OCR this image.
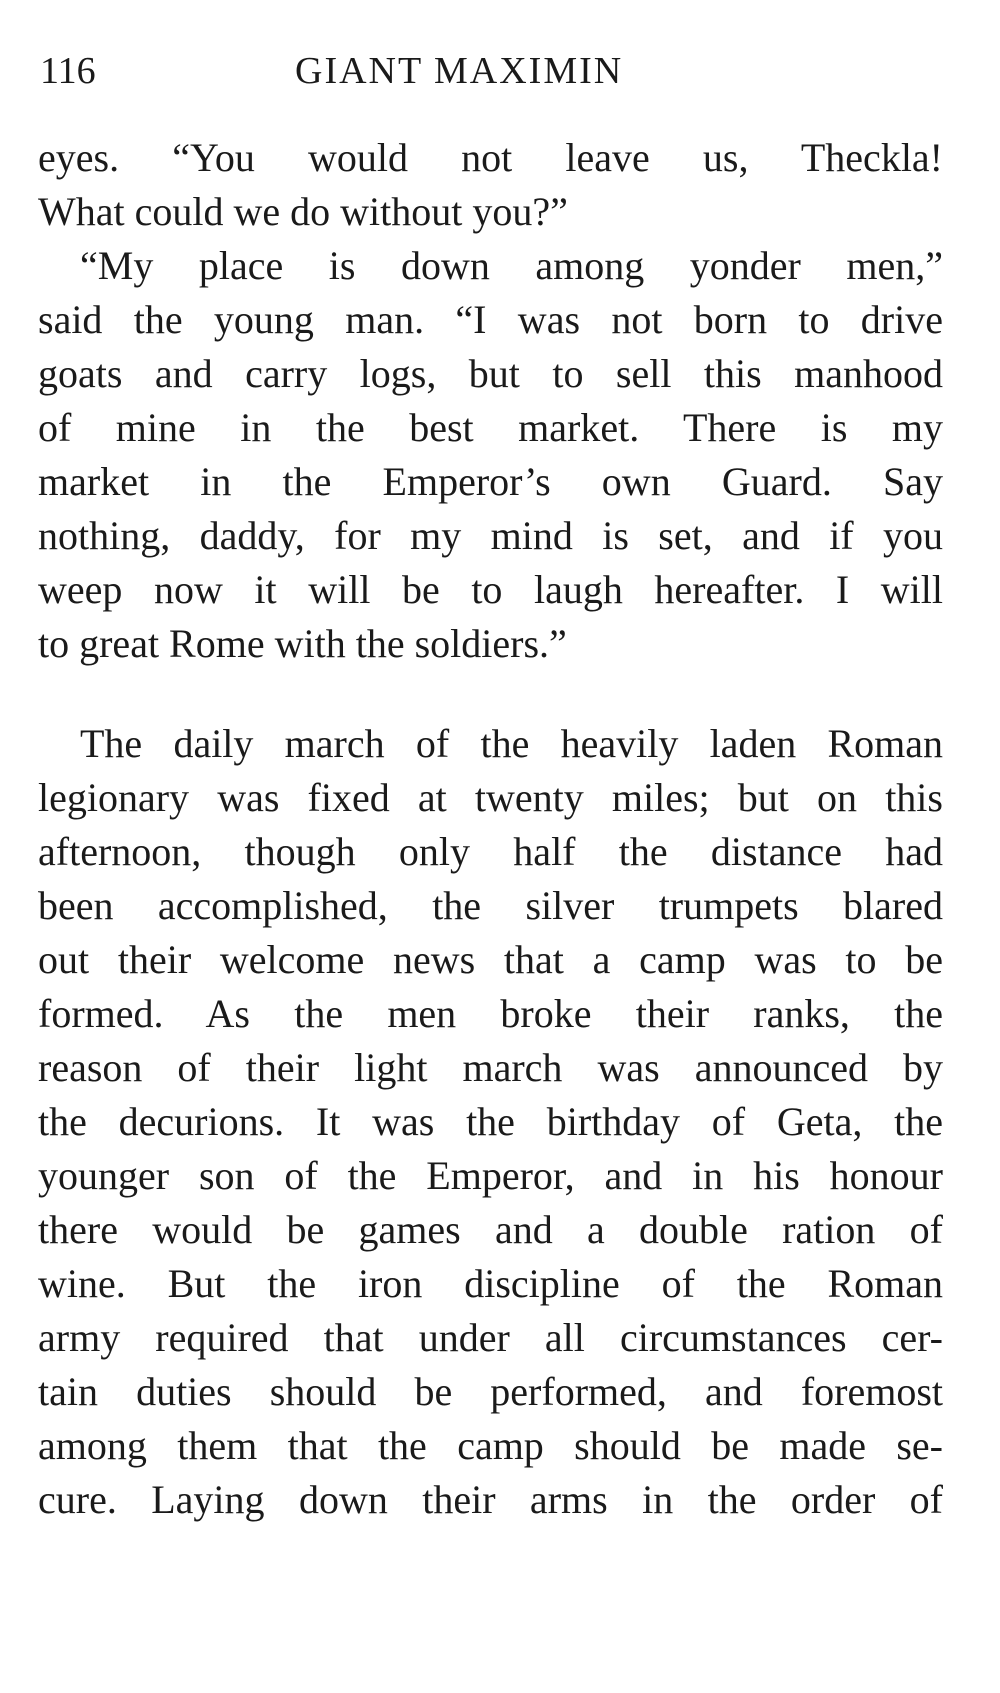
116	GIANT MAXIMIN
eyes. “You would not leave us, Theckla!
What could we do without you?”
“My place is down among yonder men,”
said the young man. “I was not born to drive
goats and carry logs, but to sell this manhood
of mine in the best market. There is my
market in the Emperor’s own Guard. Say
nothing, daddy, for my mind is set, and if you
weep now it will be to laugh hereafter. I will
to great Rome with the soldiers.”
The daily march of the heavily laden Roman
legionary was fixed at twenty miles; but on this
afternoon, though only half the distance had
been accomplished, the silver trumpets blared
out their welcome news that a camp was to be
formed. As the men broke their ranks, the
reason of their light march was announced by
the decurions. It was the birthday of Geta, the
younger son of the Emperor, and in his honour
there would be games and a double ration of
wine. But the iron discipline of the Roman
army required that under all circumstances cer-
tain duties should be performed, and foremost
among them that the camp should be made se-
cure. Laying down their arms in the order of
